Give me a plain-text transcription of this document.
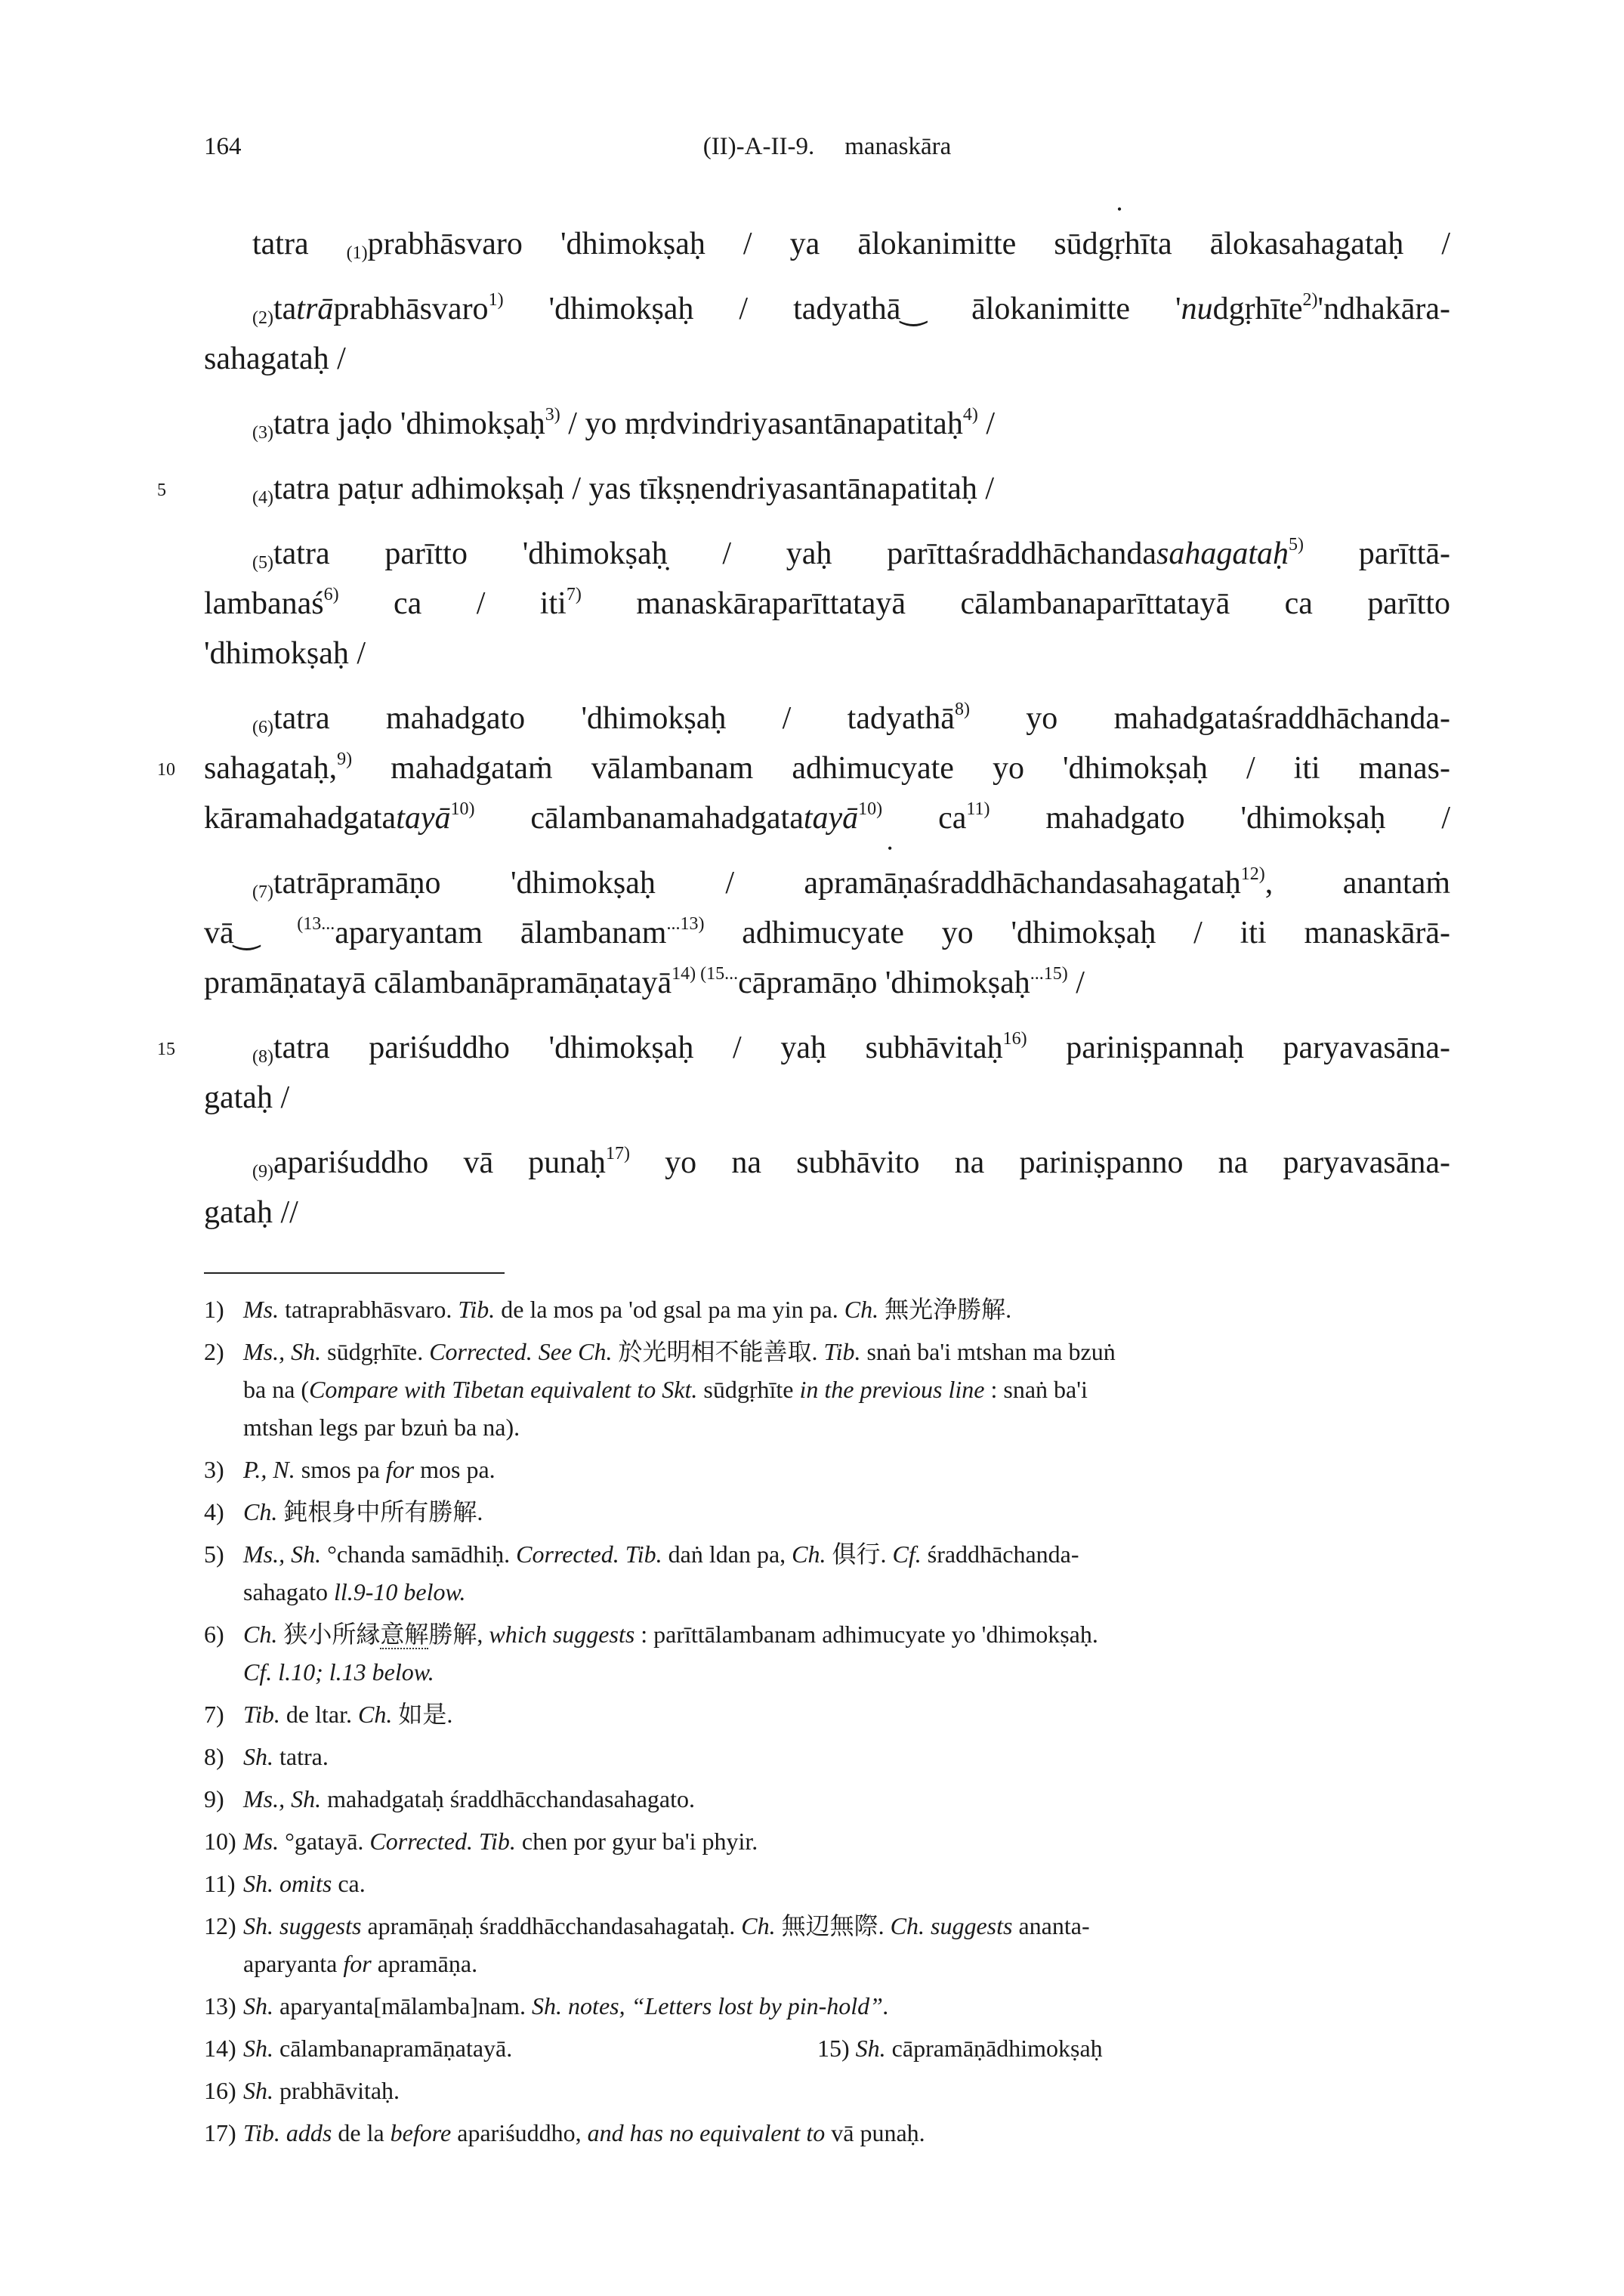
164	(II)-A-II-9. manaskāra
tatra $_{(1)}$prabhāsvaro 'dhimokṣaḥ / ya ālokanimitte sūdgṛ •hīta ālokasahagataḥ /
$_{(2)}$tatrāprabhāsvaro$^{1)}$ 'dhimokṣaḥ / tadyathā‿ ālokanimitte 'nudgṛhīte$^{2)}$'ndhakāra-
sahagataḥ /
$_{(3)}$tatra jaḍo 'dhimokṣaḥ$^{3)}$ / yo mṛdvindriyasantānapatitaḥ$^{4)}$ /
5	$_{(4)}$tatra paṭur adhimokṣaḥ / yas tīkṣṇendriyasantānapatitaḥ /
$_{(5)}$tatra parītto 'dhimokṣaḥ / yaḥ parīttaśraddhāchandasahagataḥ$^{5)}$ parīttā-
lambanaś$^{6)}$ ca / iti$^{7)}$ ma •naskāraparīttatayā cālambanaparīttatayā ca parītto
'dhimokṣaḥ /
$_{(6)}$tatra mahadgato 'dhimokṣaḥ / tadyathā$^{8)}$ yo mahadgataśraddhāchanda-
10 sahagataḥ,$^{9)}$ mahadgataṁ vālambanam adhimucyate yo 'dhimokṣaḥ / iti manas-
kāramahadgatatayā$^{10)}$ cālambanamahadgatatayā$^{10)}$ $ca^{11)}$ mahadgato 'dhimokṣaḥ /
$_{(7)}$tatrāpramāṇo 'dhimokṣaḥ / apramā •ṇaśraddhāchandasahagataḥ$^{12)}$, anantaṁ
vā‿ $^{(13...}$aparyantam ālambanam$^{...13)}$ adhimucyate yo 'dhimokṣaḥ / iti manaskārā-
pramāṇatayā cālambanāpramāṇatayā$^{14)}$ $^{(15...}$cāpramāṇo 'dhimokṣaḥ$^{...15)}$ /
15	$_{(8)}$tatra pariśuddho 'dhimokṣaḥ / yaḥ subhāvitaḥ$^{16)}$ pariniṣpannaḥ paryavasāna-
gataḥ /
$_{(9)}$apariśuddho vā punaḥ$^{17)}$ yo na subhāvito na pariniṣpanno na paryavasāna-
gataḥ //
1) Ms. tatraprabhāsvaro. Tib. de la mos pa 'od gsal pa ma yin pa. Ch. 無光浄勝解.
2) Ms., Sh. sūdgṛhīte. Corrected. See Ch. 於光明相不能善取. Tib. snaṅ ba'i mtshan ma bzuṅ
ba na (Compare with Tibetan equivalent to Skt. sūdgṛhīte in the previous line : snaṅ ba'i
mtshan legs par bzuṅ ba na).
3) P., N. smos pa for mos pa.
4) Ch. 鈍根身中所有勝解.
5) Ms., Sh. °chanda samādhiḥ. Corrected. Tib. daṅ ldan pa, Ch. 俱行. Cf. śraddhāchanda-
sahagato ll.9-10 below.
6) Ch. 狭小所縁意解勝解, which suggests : parīttālambanam adhimucyate yo 'dhimokṣaḥ.
Cf. l.10; l.13 below.
7) Tib. de ltar. Ch. 如是.
8) Sh. tatra.
9) Ms., Sh. mahadgataḥ śraddhācchandasahagato.
10) Ms. °gatayā. Corrected. Tib. chen por gyur ba'i phyir.
11) Sh. omits ca.
12) Sh. suggests apramāṇaḥ śraddhācchandasahagataḥ. Ch. 無辺無際. Ch. suggests ananta-
aparyanta for apramāṇa.
13) Sh. aparyanta[mālamba]nam. Sh. notes, “Letters lost by pin-hold”.
14) Sh. cālambanapramāṇatayā.	15) Sh. cāpramāṇādhimokṣaḥ
16) Sh. prabhāvitaḥ.
17) Tib. adds de la before apariśuddho, and has no equivalent to vā punaḥ.
